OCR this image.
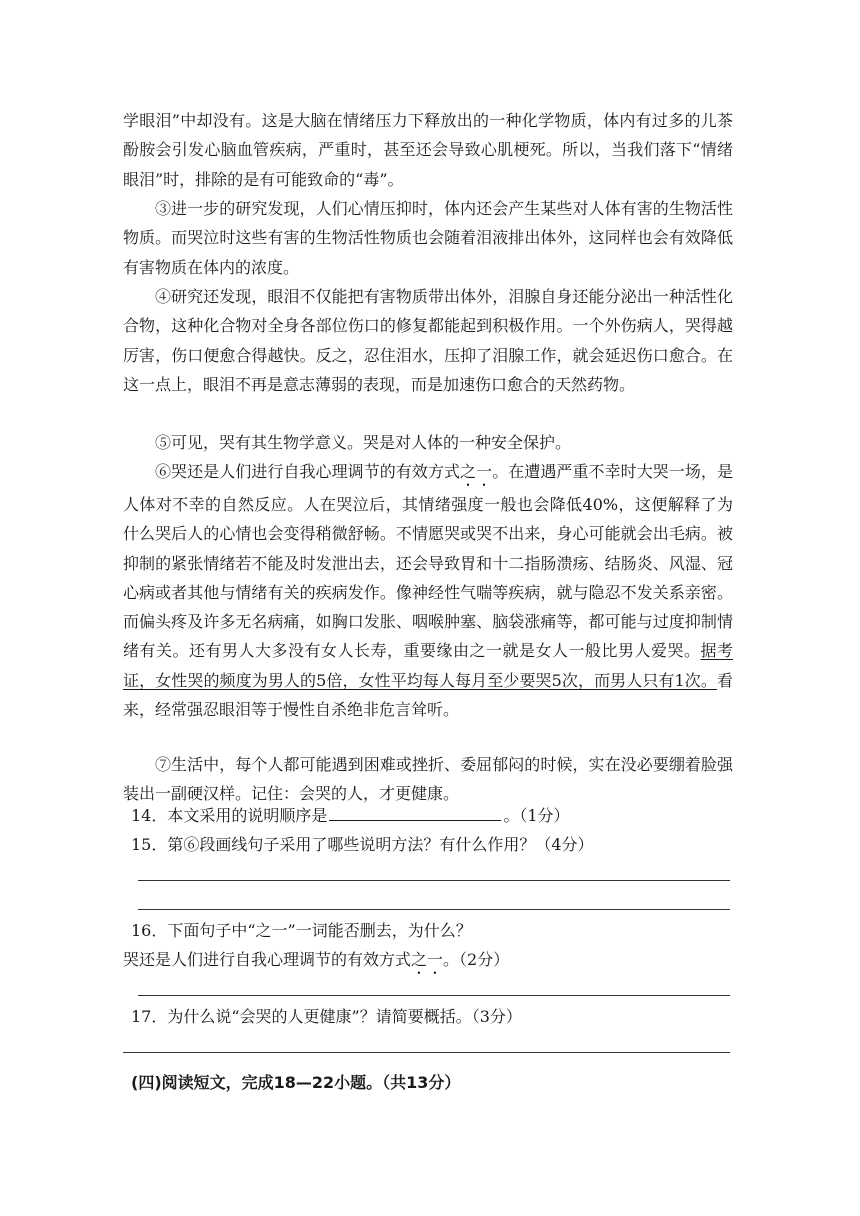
学眼泪”中却没有。这是大脑在情绪压力下释放出的一种化学物质，体内有过多的儿茶酚胺会引发心脑血管疾病，严重时，甚至还会导致心肌梗死。所以，当我们落下“情绪眼泪”时，排除的是有可能致命的“毒”。

③进一步的研究发现，人们心情压抑时，体内还会产生某些对人体有害的生物活性物质。而哭泣时这些有害的生物活性物质也会随着泪液排出体外，这同样也会有效降低有害物质在体内的浓度。

④研究还发现，眼泪不仅能把有害物质带出体外，泪腺自身还能分泌出一种活性化合物，这种化合物对全身各部位伤口的修复都能起到积极作用。一个外伤病人，哭得越厉害，伤口便愈合得越快。反之，忍住泪水，压抑了泪腺工作，就会延迟伤口愈合。在这一点上，眼泪不再是意志薄弱的表现，而是加速伤口愈合的天然药物。

⑤可见，哭有其生物学意义。哭是对人体的一种安全保护。

⑥哭还是人们进行自我心理调节的有效方式之一。在遭遇严重不幸时大哭一场，是人体对不幸的自然反应。人在哭泣后，其情绪强度一般也会降低40%，这便解释了为什么哭后人的心情也会变得稍微舒畅。不情愿哭或哭不出来，身心可能就会出毛病。被抑制的紧张情绪若不能及时发泄出去，还会导致胃和十二指肠溃疡、结肠炎、风湿、冠心病或者其他与情绪有关的疾病发作。像神经性气喘等疾病，就与隐忍不发关系亲密。而偏头疼及许多无名病痛，如胸口发胀、咽喉肿塞、脑袋涨痛等，都可能与过度抑制情绪有关。还有男人大多没有女人长寿，重要缘由之一就是女人一般比男人爱哭。据考证，女性哭的频度为男人的5倍，女性平均每人每月至少要哭5次，而男人只有1次。看来，经常强忍眼泪等于慢性自杀绝非危言耸听。

⑦生活中，每个人都可能遇到困难或挫折、委屈郁闷的时候，实在没必要绷着脸强装出一副硬汉样。记住：会哭的人，才更健康。

14．本文采用的说明顺序是	。（1分）

15．第⑥段画线句子采用了哪些说明方法？有什么作用？（4分）

16．下面句子中“之一”一词能否删去，为什么？

哭还是人们进行自我心理调节的有效方式之一。（2分）

17．为什么说“会哭的人更健康”？请简要概括。（3分）

(四)阅读短文，完成18—22小题。（共13分）
